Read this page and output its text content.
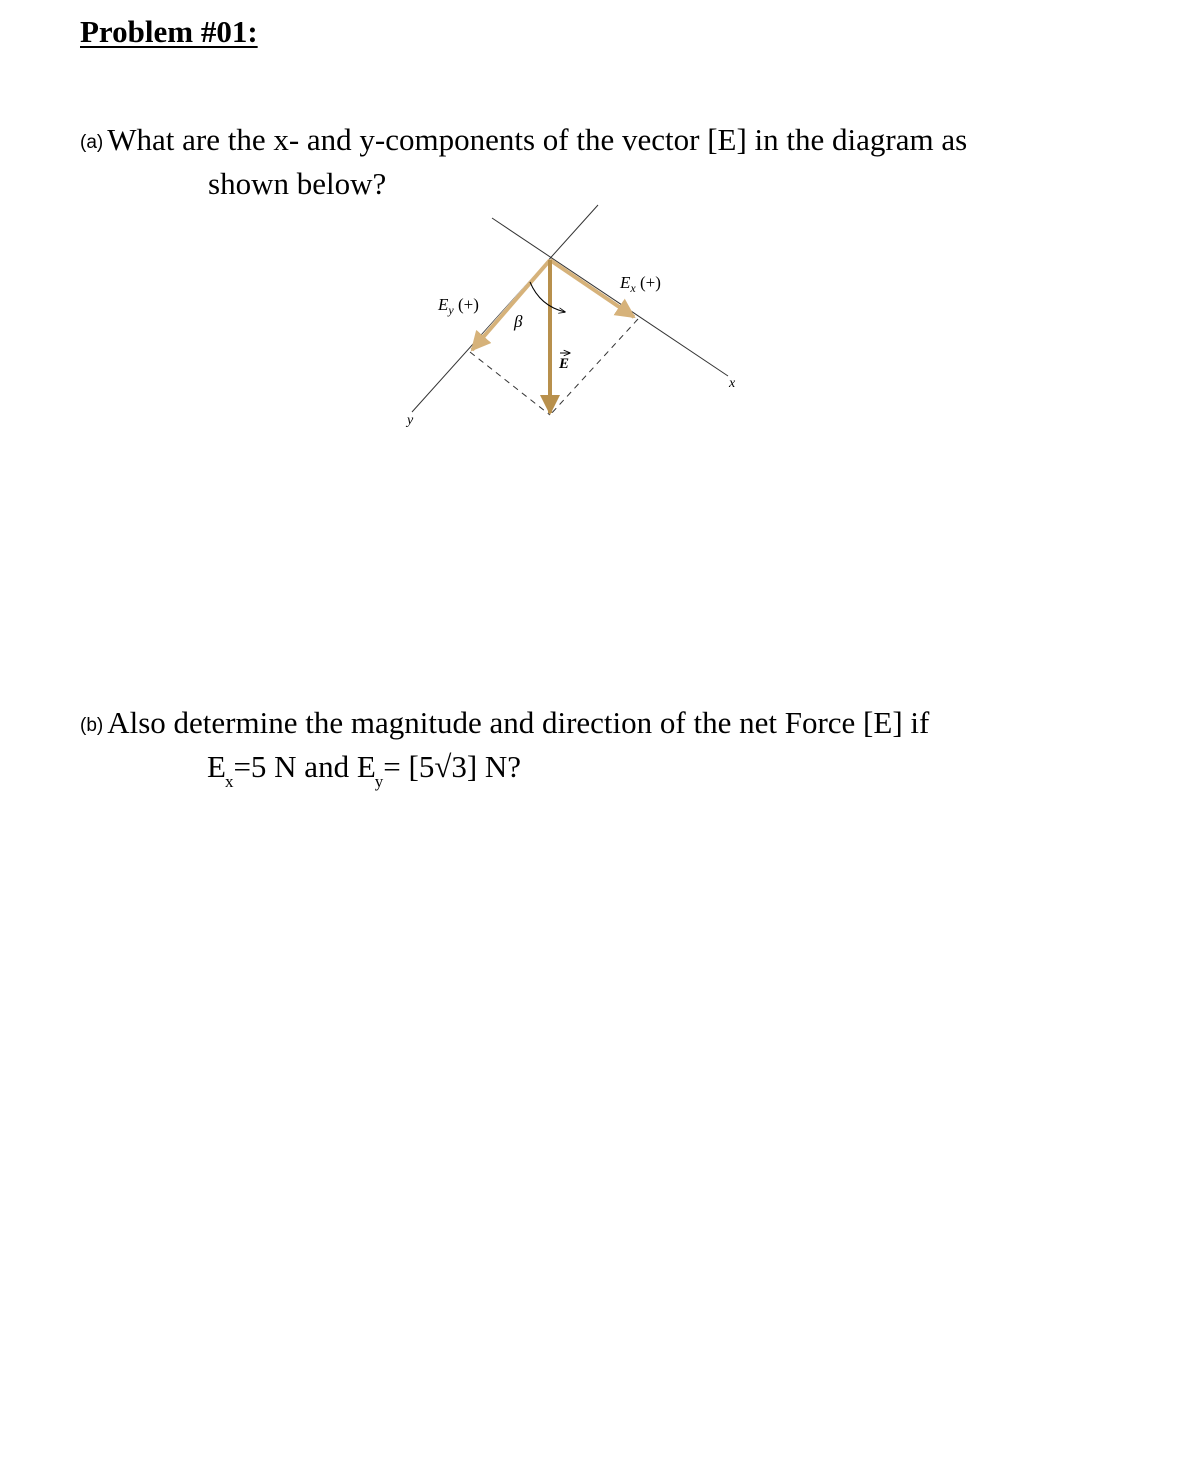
Problem #01:
(a) What are the x- and y-components of the vector [E] in the diagram as
shown below?
$E_x$ (+)
$E_y$ (+)
β
E
x
y
(b) Also determine the magnitude and direction of the net Force [E] if
$E_x=5$ N and $E_y= [5√3]$ N?
